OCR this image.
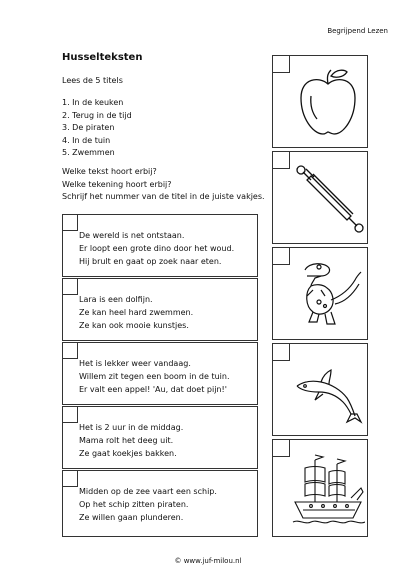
Begrijpend Lezen
Husselteksten
Lees de 5 titels
1. In de keuken
2. Terug in de tijd
3. De piraten
4. In de tuin
5. Zwemmen
Welke tekst hoort erbij?
Welke tekening hoort erbij?
Schrijf het nummer van de titel in de juiste vakjes.
De wereld is net ontstaan.
Er loopt een grote dino door het woud.
Hij brult en gaat op zoek naar eten.
Lara is een dolfijn.
Ze kan heel hard zwemmen.
Ze kan ook mooie kunstjes.
Het is lekker weer vandaag.
Willem zit tegen een boom in de tuin.
Er valt een appel! 'Au, dat doet pijn!'
Het is 2 uur in de middag.
Mama rolt het deeg uit.
Ze gaat koekjes bakken.
Midden op de zee vaart een schip.
Op het schip zitten piraten.
Ze willen gaan plunderen.
© www.juf-milou.nl
